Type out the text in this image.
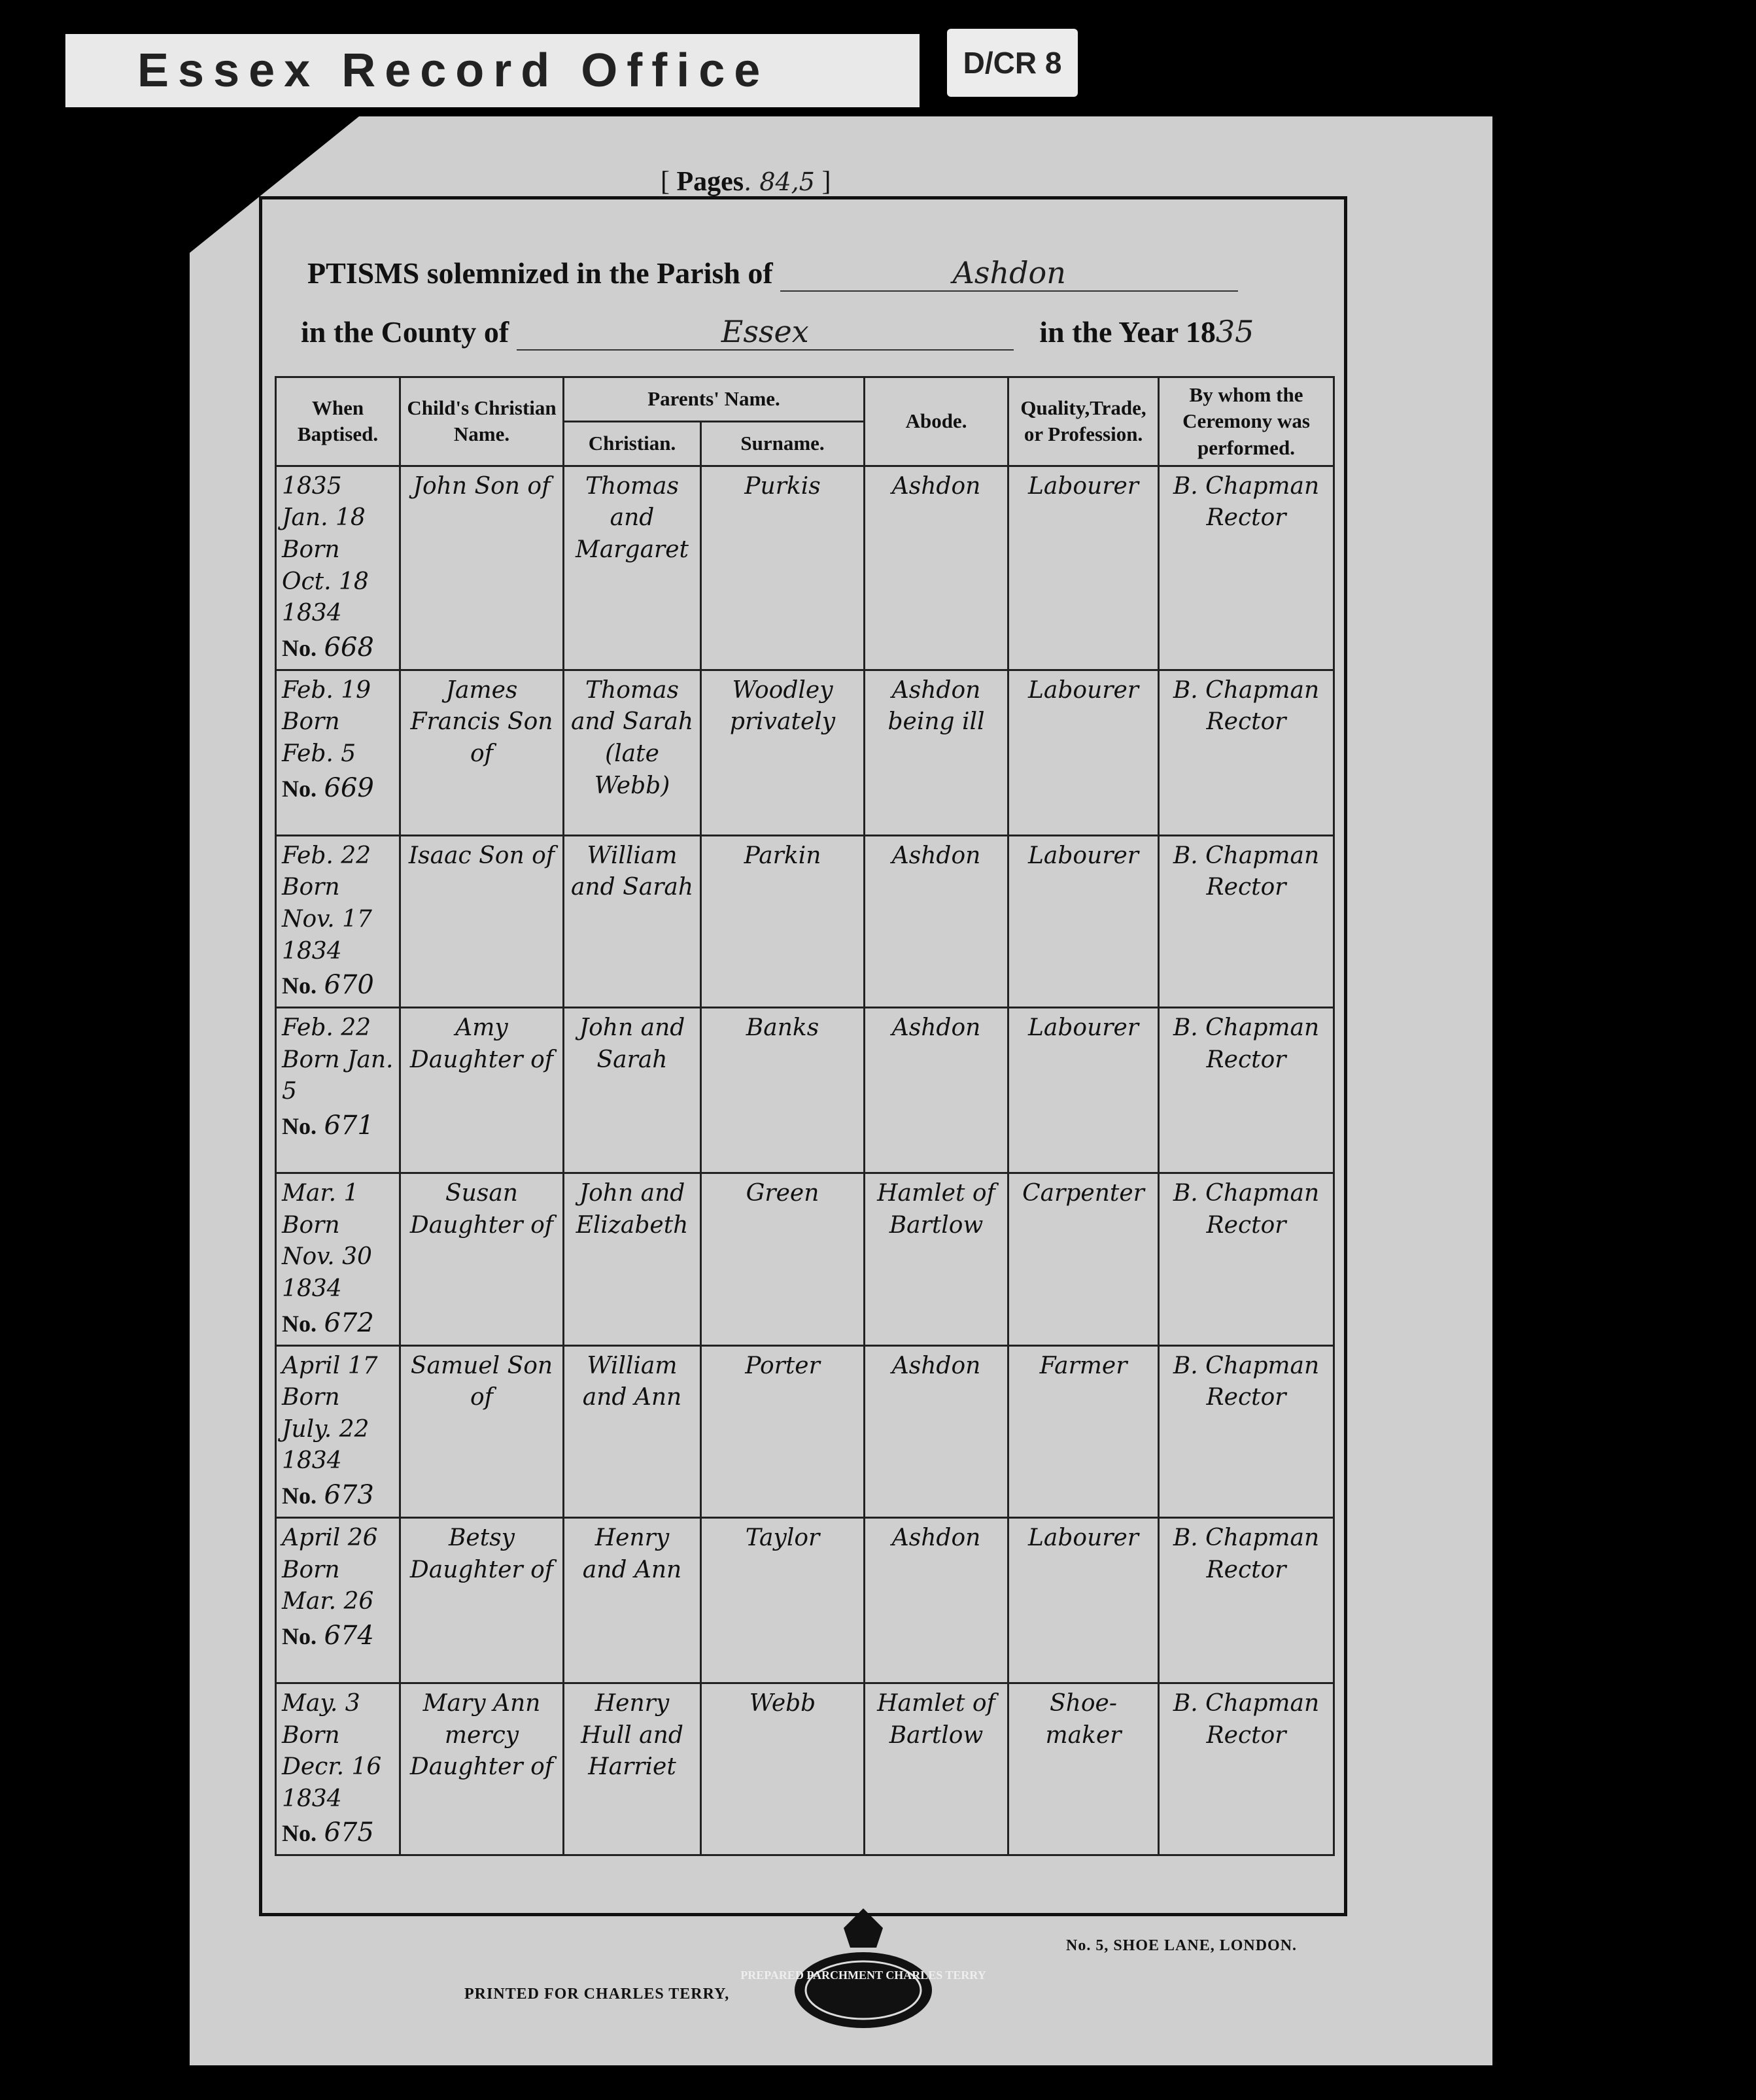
Essex Record Office	D/CR 8
[ Pages. 84,5 ]
PTISMS solemnized in the Parish of	Ashdon
in the County of	Essex	in the Year 1835
When Baptised.	Child's Christian Name.	Parents' Name.		Abode.	Quality,Trade, or Profession.	By whom the Ceremony was performed.
		Christian.	Surname.			

1835 Jan. 18 Born Oct. 18 1834
No. 668	John Son of	Thomas and Margaret	Purkis	Ashdon	Labourer	B. Chapman Rector

Feb. 19 Born Feb. 5
No. 669	James Francis Son of	Thomas and Sarah (late Webb)	Woodley privately	Ashdon being ill	Labourer	B. Chapman Rector

Feb. 22 Born Nov. 17 1834
No. 670	Isaac Son of	William and Sarah	Parkin	Ashdon	Labourer	B. Chapman Rector

Feb. 22 Born Jan. 5
No. 671	Amy Daughter of	John and Sarah	Banks	Ashdon	Labourer	B. Chapman Rector

Mar. 1 Born Nov. 30 1834
No. 672	Susan Daughter of	John and Elizabeth	Green	Hamlet of Bartlow	Carpenter	B. Chapman Rector

April 17 Born July. 22 1834
No. 673	Samuel Son of	William and Ann	Porter	Ashdon	Farmer	B. Chapman Rector

April 26 Born Mar. 26
No. 674	Betsy Daughter of	Henry and Ann	Taylor	Ashdon	Labourer	B. Chapman Rector

May. 3 Born Decr. 16 1834
No. 675	Mary Ann mercy Daughter of	Henry Hull and Harriet	Webb	Hamlet of Bartlow	Shoe- maker	B. Chapman Rector
PREPARED PARCHMENT CHARLES TERRY
PRINTED FOR CHARLES TERRY,
No. 5, SHOE LANE, LONDON.
